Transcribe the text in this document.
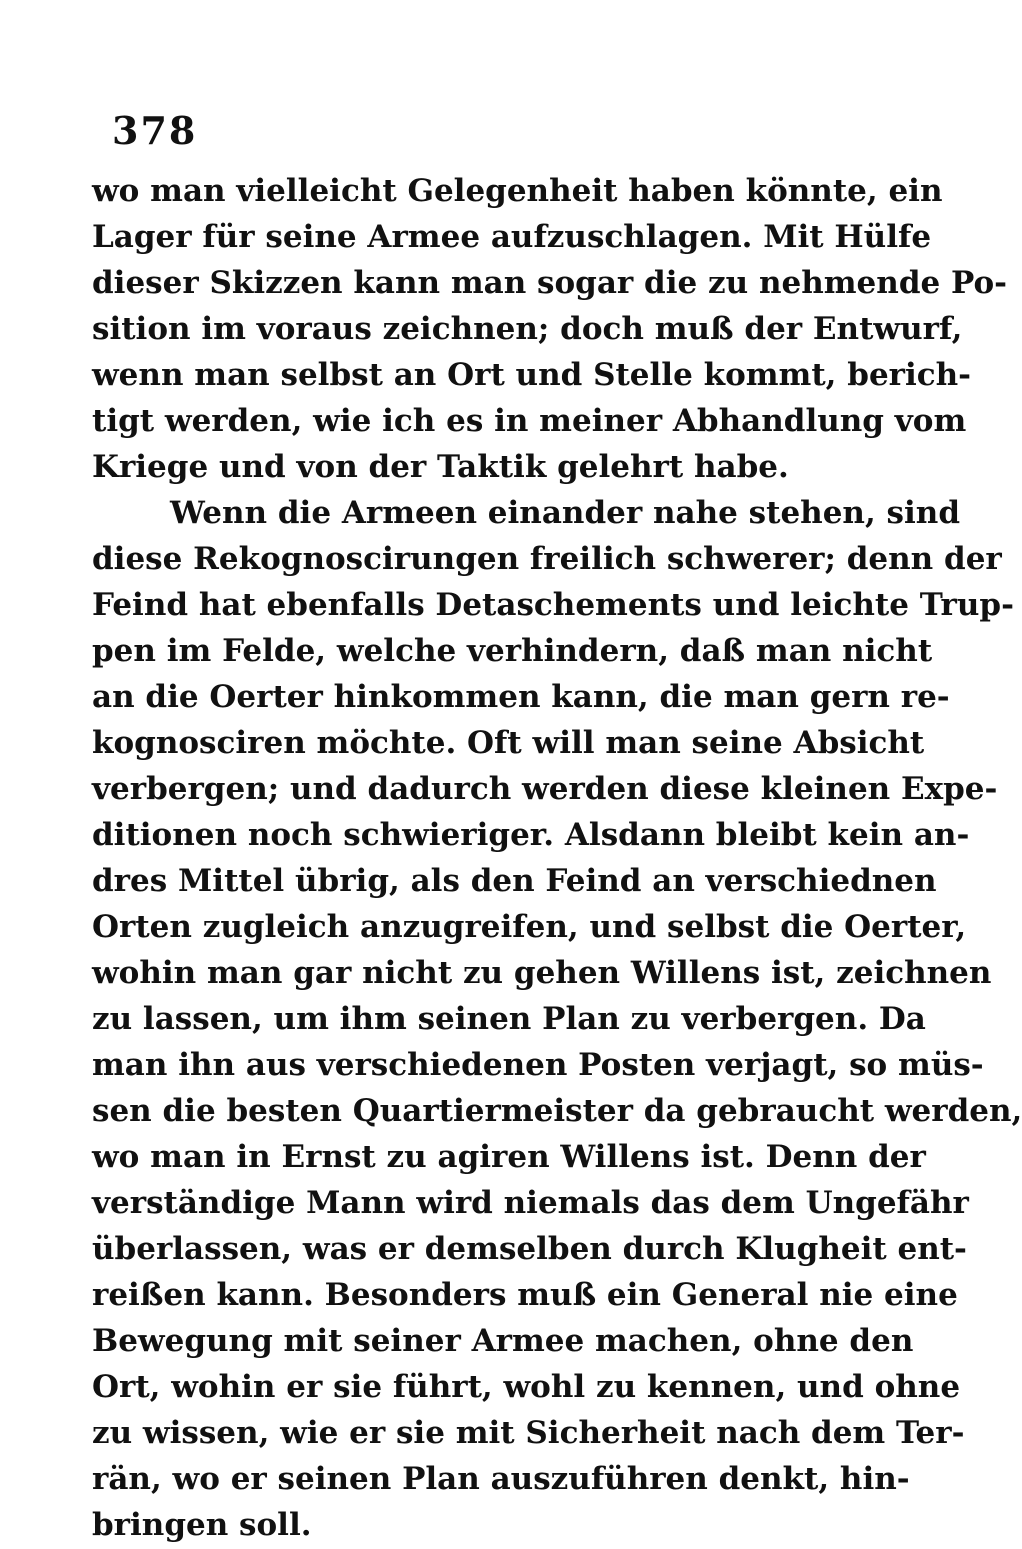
378
wo man vielleicht Gelegenheit haben könnte, ein
Lager für seine Armee aufzuschlagen. Mit Hülfe
dieser Skizzen kann man sogar die zu nehmende Po-
sition im voraus zeichnen; doch muß der Entwurf,
wenn man selbst an Ort und Stelle kommt, berich-
tigt werden, wie ich es in meiner Abhandlung vom
Kriege und von der Taktik gelehrt habe.
Wenn die Armeen einander nahe stehen, sind
diese Rekognoscirungen freilich schwerer; denn der
Feind hat ebenfalls Detaschements und leichte Trup-
pen im Felde, welche verhindern, daß man nicht
an die Oerter hinkommen kann, die man gern re-
kognosciren möchte. Oft will man seine Absicht
verbergen; und dadurch werden diese kleinen Expe-
ditionen noch schwieriger. Alsdann bleibt kein an-
dres Mittel übrig, als den Feind an verschiednen
Orten zugleich anzugreifen, und selbst die Oerter,
wohin man gar nicht zu gehen Willens ist, zeichnen
zu lassen, um ihm seinen Plan zu verbergen. Da
man ihn aus verschiedenen Posten verjagt, so müs-
sen die besten Quartiermeister da gebraucht werden,
wo man in Ernst zu agiren Willens ist. Denn der
verständige Mann wird niemals das dem Ungefähr
überlassen, was er demselben durch Klugheit ent-
reißen kann. Besonders muß ein General nie eine
Bewegung mit seiner Armee machen, ohne den
Ort, wohin er sie führt, wohl zu kennen, und ohne
zu wissen, wie er sie mit Sicherheit nach dem Ter-
rän, wo er seinen Plan auszuführen denkt, hin-
bringen soll.
